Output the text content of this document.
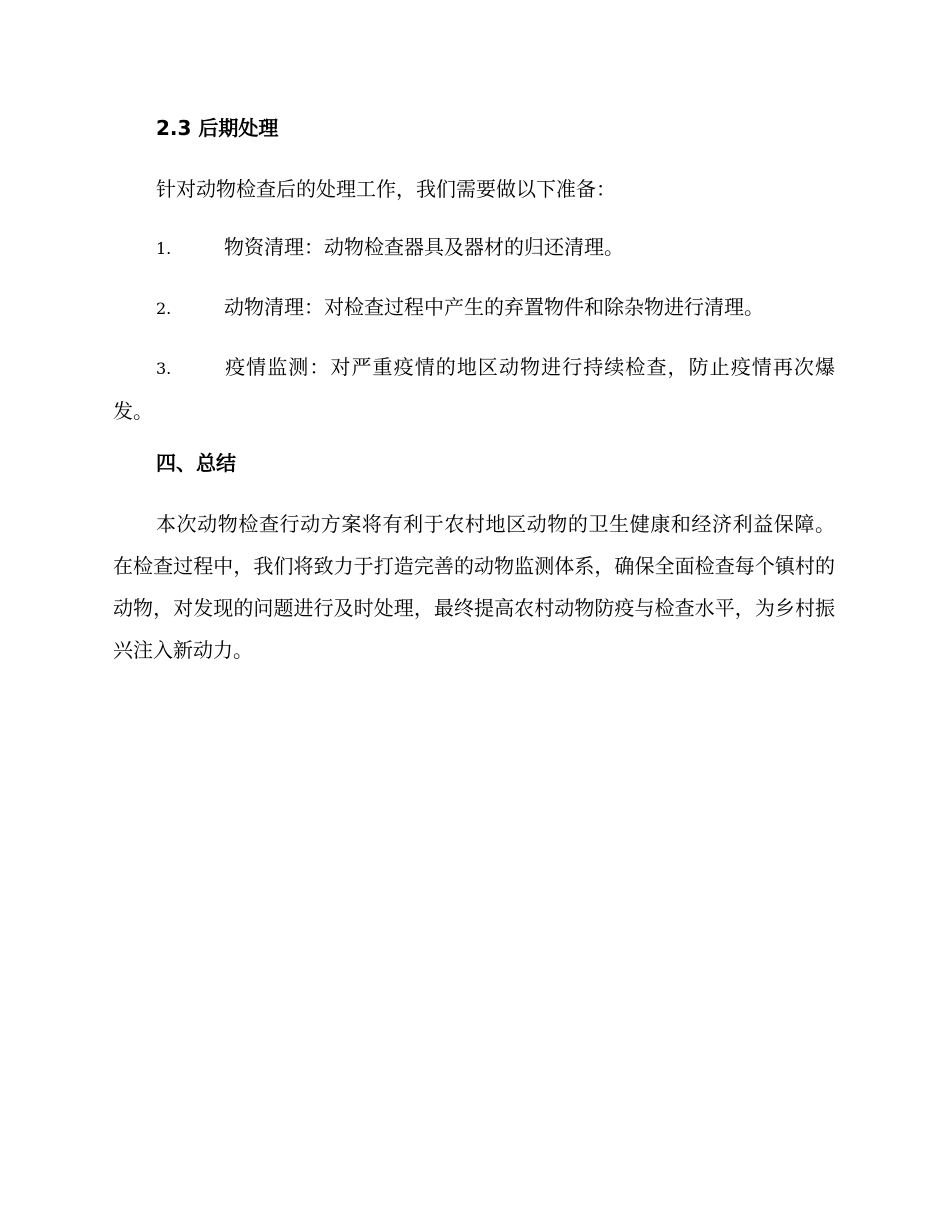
2.3 后期处理

针对动物检查后的处理工作，我们需要做以下准备：

1.	物资清理：动物检查器具及器材的归还清理。

2.	动物清理：对检查过程中产生的弃置物件和除杂物进行清理。

3.	疫情监测：对严重疫情的地区动物进行持续检查，防止疫情再次爆发。

四、总结

本次动物检查行动方案将有利于农村地区动物的卫生健康和经济利益保障。在检查过程中，我们将致力于打造完善的动物监测体系，确保全面检查每个镇村的动物，对发现的问题进行及时处理，最终提高农村动物防疫与检查水平，为乡村振兴注入新动力。
